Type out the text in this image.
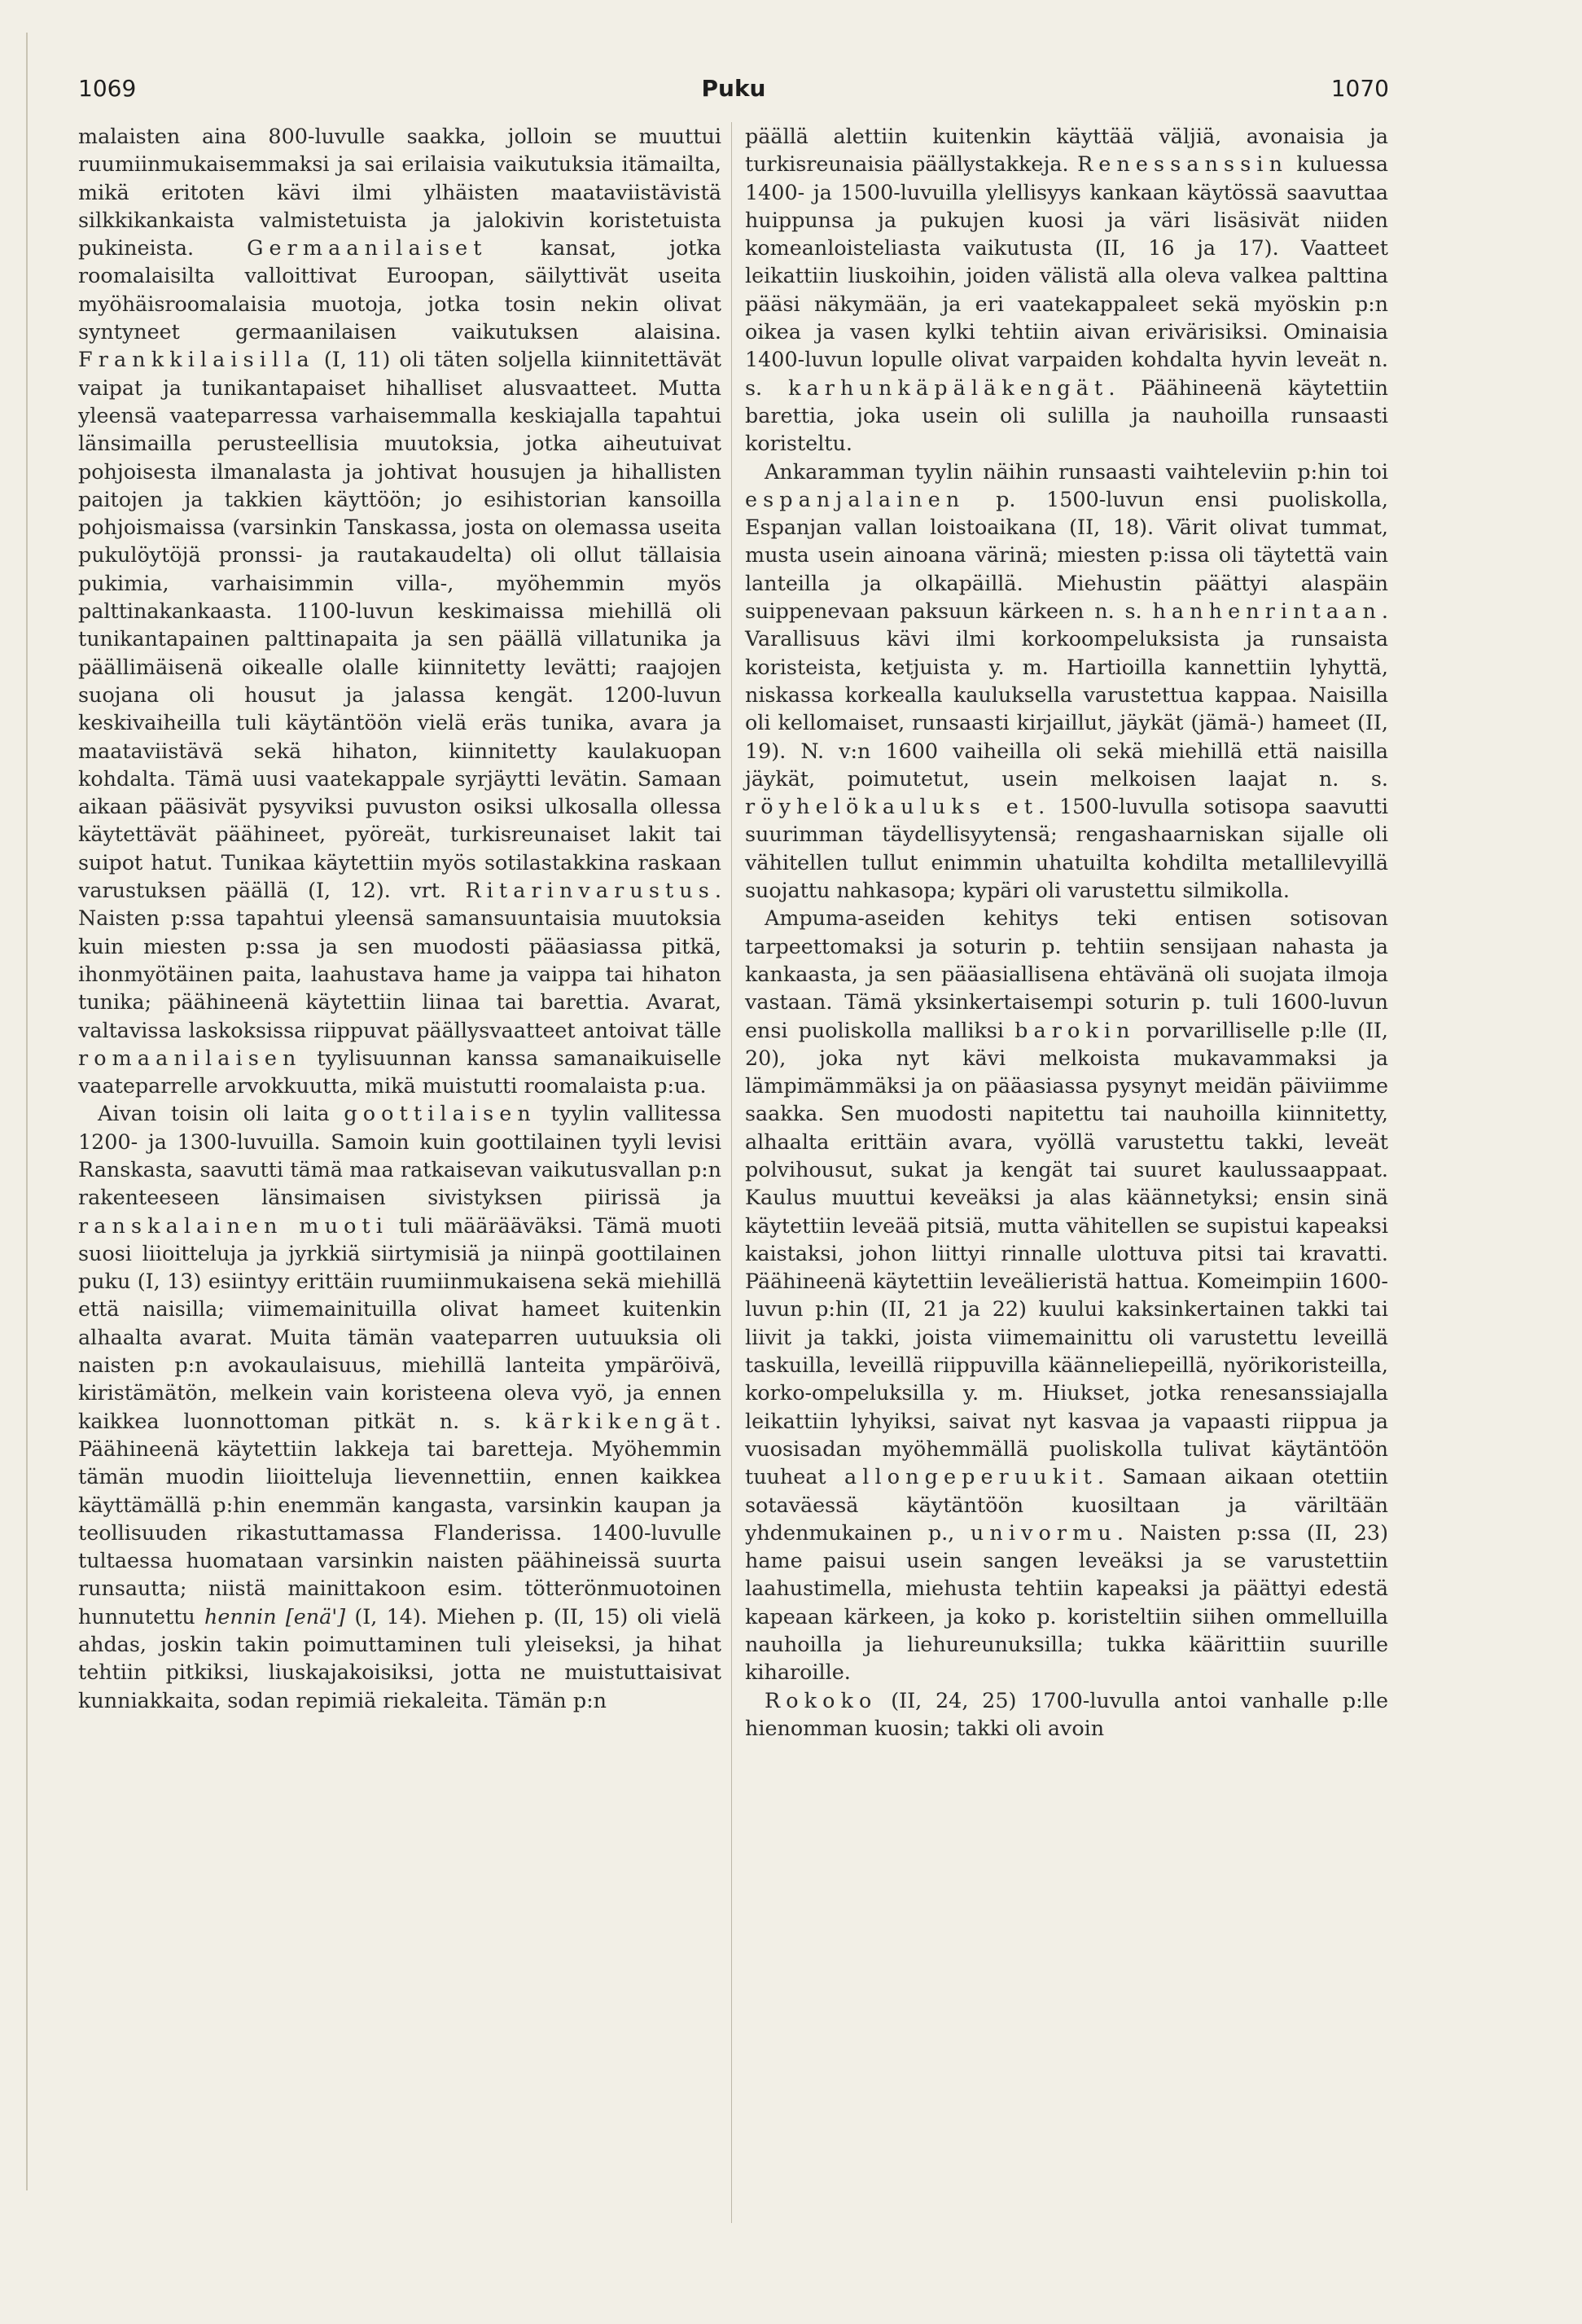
1069	Puku	1070

malaisten aina 800-luvulle saakka, jolloin se muuttui ruumiinmukaisemmaksi ja sai erilaisia vaikutuksia itämailta, mikä eritoten kävi ilmi ylhäisten maataviistävistä silkkikankaista valmistetuista ja jalokivin koristetuista pukineista. Germaanilaiset kansat, jotka roomalaisilta valloittivat Euroopan, säilyttivät useita myöhäisroomalaisia muotoja, jotka tosin nekin olivat syntyneet germaanilaisen vaikutuksen alaisina. Frankkilaisilla (I, 11) oli täten soljella kiinnitettävät vaipat ja tunikantapaiset hihalliset alusvaatteet. Mutta yleensä vaateparressa varhaisemmalla keskiajalla tapahtui länsimailla perusteellisia muutoksia, jotka aiheutuivat pohjoisesta ilmanalasta ja johtivat housujen ja hihallisten paitojen ja takkien käyttöön; jo esihistorian kansoilla pohjoismaissa (varsinkin Tanskassa, josta on olemassa useita pukulöytöjä pronssi- ja rautakaudelta) oli ollut tällaisia pukimia, varhaisimmin villa-, myöhemmin myös palttinakankaasta. 1100-luvun keskimaissa miehillä oli tunikantapainen palttinapaita ja sen päällä villatunika ja päällimäisenä oikealle olalle kiinnitetty levätti; raajojen suojana oli housut ja jalassa kengät. 1200-luvun keskivaiheilla tuli käytäntöön vielä eräs tunika, avara ja maataviistävä sekä hihaton, kiinnitetty kaulakuopan kohdalta. Tämä uusi vaatekappale syrjäytti levätin. Samaan aikaan pääsivät pysyviksi puvuston osiksi ulkosalla ollessa käytettävät päähineet, pyöreät, turkisreunaiset lakit tai suipot hatut. Tunikaa käytettiin myös sotilastakkina raskaan varustuksen päällä (I, 12). vrt. Ritarinvarustus. Naisten p:ssa tapahtui yleensä samansuuntaisia muutoksia kuin miesten p:ssa ja sen muodosti pääasiassa pitkä, ihonmyötäinen paita, laahustava hame ja vaippa tai hihaton tunika; päähineenä käytettiin liinaa tai barettia. Avarat, valtavissa laskoksissa riippuvat päällysvaatteet antoivat tälle romaanilaisen tyylisuunnan kanssa samanaikuiselle vaateparrelle arvokkuutta, mikä muistutti roomalaista p:ua.

Aivan toisin oli laita goottilaisen tyylin vallitessa 1200- ja 1300-luvuilla. Samoin kuin goottilainen tyyli levisi Ranskasta, saavutti tämä maa ratkaisevan vaikutusvallan p:n rakenteeseen länsimaisen sivistyksen piirissä ja ranskalainen muoti tuli määrääväksi. Tämä muoti suosi liioitteluja ja jyrkkiä siirtymisiä ja niinpä goottilainen puku (I, 13) esiintyy erittäin ruumiinmukaisena sekä miehillä että naisilla; viimemainituilla olivat hameet kuitenkin alhaalta avarat. Muita tämän vaateparren uutuuksia oli naisten p:n avokaulaisuus, miehillä lanteita ympäröivä, kiristämätön, melkein vain koristeena oleva vyö, ja ennen kaikkea luonnottoman pitkät n. s. kärkikengät. Päähineenä käytettiin lakkeja tai baretteja. Myöhemmin tämän muodin liioitteluja lievennettiin, ennen kaikkea käyttämällä p:hin enemmän kangasta, varsinkin kaupan ja teollisuuden rikastuttamassa Flanderissa. 1400-luvulle tultaessa huomataan varsinkin naisten päähineissä suurta runsautta; niistä mainittakoon esim. tötterönmuotoinen hunnutettu hennin [enä'] (I, 14). Miehen p. (II, 15) oli vielä ahdas, joskin takin poimuttaminen tuli yleiseksi, ja hihat tehtiin pitkiksi, liuskajakoisiksi, jotta ne muistuttaisivat kunniakkaita, sodan repimiä riekaleita. Tämän p:n

päällä alettiin kuitenkin käyttää väljiä, avonaisia ja turkisreunaisia päällystakkeja. Renessanssin kuluessa 1400- ja 1500-luvuilla ylellisyys kankaan käytössä saavuttaa huippunsa ja pukujen kuosi ja väri lisäsivät niiden komeanloisteliasta vaikutusta (II, 16 ja 17). Vaatteet leikattiin liuskoihin, joiden välistä alla oleva valkea palttina pääsi näkymään, ja eri vaatekappaleet sekä myöskin p:n oikea ja vasen kylki tehtiin aivan erivärisiksi. Ominaisia 1400-luvun lopulle olivat varpaiden kohdalta hyvin leveät n. s. karhunkäpäläkengät. Päähineenä käytettiin barettia, joka usein oli sulilla ja nauhoilla runsaasti koristeltu.

Ankaramman tyylin näihin runsaasti vaihteleviin p:hin toi espanjalainen p. 1500-luvun ensi puoliskolla, Espanjan vallan loistoaikana (II, 18). Värit olivat tummat, musta usein ainoana värinä; miesten p:issa oli täytettä vain lanteilla ja olkapäillä. Miehustin päättyi alaspäin suippenevaan paksuun kärkeen n. s. hanhenrintaan. Varallisuus kävi ilmi korkoompeluksista ja runsaista koristeista, ketjuista y. m. Hartioilla kannettiin lyhyttä, niskassa korkealla kauluksella varustettua kappaa. Naisilla oli kellomaiset, runsaasti kirjaillut, jäykät (jämä-) hameet (II, 19). N. v:n 1600 vaiheilla oli sekä miehillä että naisilla jäykät, poimutetut, usein melkoisen laajat n. s. röyhelökauluks et. 1500-luvulla sotisopa saavutti suurimman täydellisyytensä; rengashaarniskan sijalle oli vähitellen tullut enimmin uhatuilta kohdilta metallilevyillä suojattu nahkasopa; kypäri oli varustettu silmikolla.

Ampuma-aseiden kehitys teki entisen sotisovan tarpeettomaksi ja soturin p. tehtiin sensijaan nahasta ja kankaasta, ja sen pääasiallisena ehtävänä oli suojata ilmoja vastaan. Tämä yksinkertaisempi soturin p. tuli 1600-luvun ensi puoliskolla malliksi barokin porvarilliselle p:lle (II, 20), joka nyt kävi melkoista mukavammaksi ja lämpimämmäksi ja on pääasiassa pysynyt meidän päiviimme saakka. Sen muodosti napitettu tai nauhoilla kiinnitetty, alhaalta erittäin avara, vyöllä varustettu takki, leveät polvihousut, sukat ja kengät tai suuret kaulussaappaat. Kaulus muuttui keveäksi ja alas käännetyksi; ensin sinä käytettiin leveää pitsiä, mutta vähitellen se supistui kapeaksi kaistaksi, johon liittyi rinnalle ulottuva pitsi tai kravatti. Päähineenä käytettiin leveälieristä hattua. Komeimpiin 1600-luvun p:hin (II, 21 ja 22) kuului kaksinkertainen takki tai liivit ja takki, joista viimemainittu oli varustettu leveillä taskuilla, leveillä riippuvilla käänneliepeillä, nyörikoristeilla, korko-ompeluksilla y. m. Hiukset, jotka renesanssiajalla leikattiin lyhyiksi, saivat nyt kasvaa ja vapaasti riippua ja vuosisadan myöhemmällä puoliskolla tulivat käytäntöön tuuheat allongeperuukit. Samaan aikaan otettiin sotaväessä käytäntöön kuosiltaan ja väriltään yhdenmukainen p., univormu. Naisten p:ssa (II, 23) hame paisui usein sangen leveäksi ja se varustettiin laahustimella, miehusta tehtiin kapeaksi ja päättyi edestä kapeaan kärkeen, ja koko p. koristeltiin siihen ommelluilla nauhoilla ja liehureunuksilla; tukka käärittiin suurille kiharoille.

Rokoko (II, 24, 25) 1700-luvulla antoi vanhalle p:lle hienomman kuosin; takki oli avoin
